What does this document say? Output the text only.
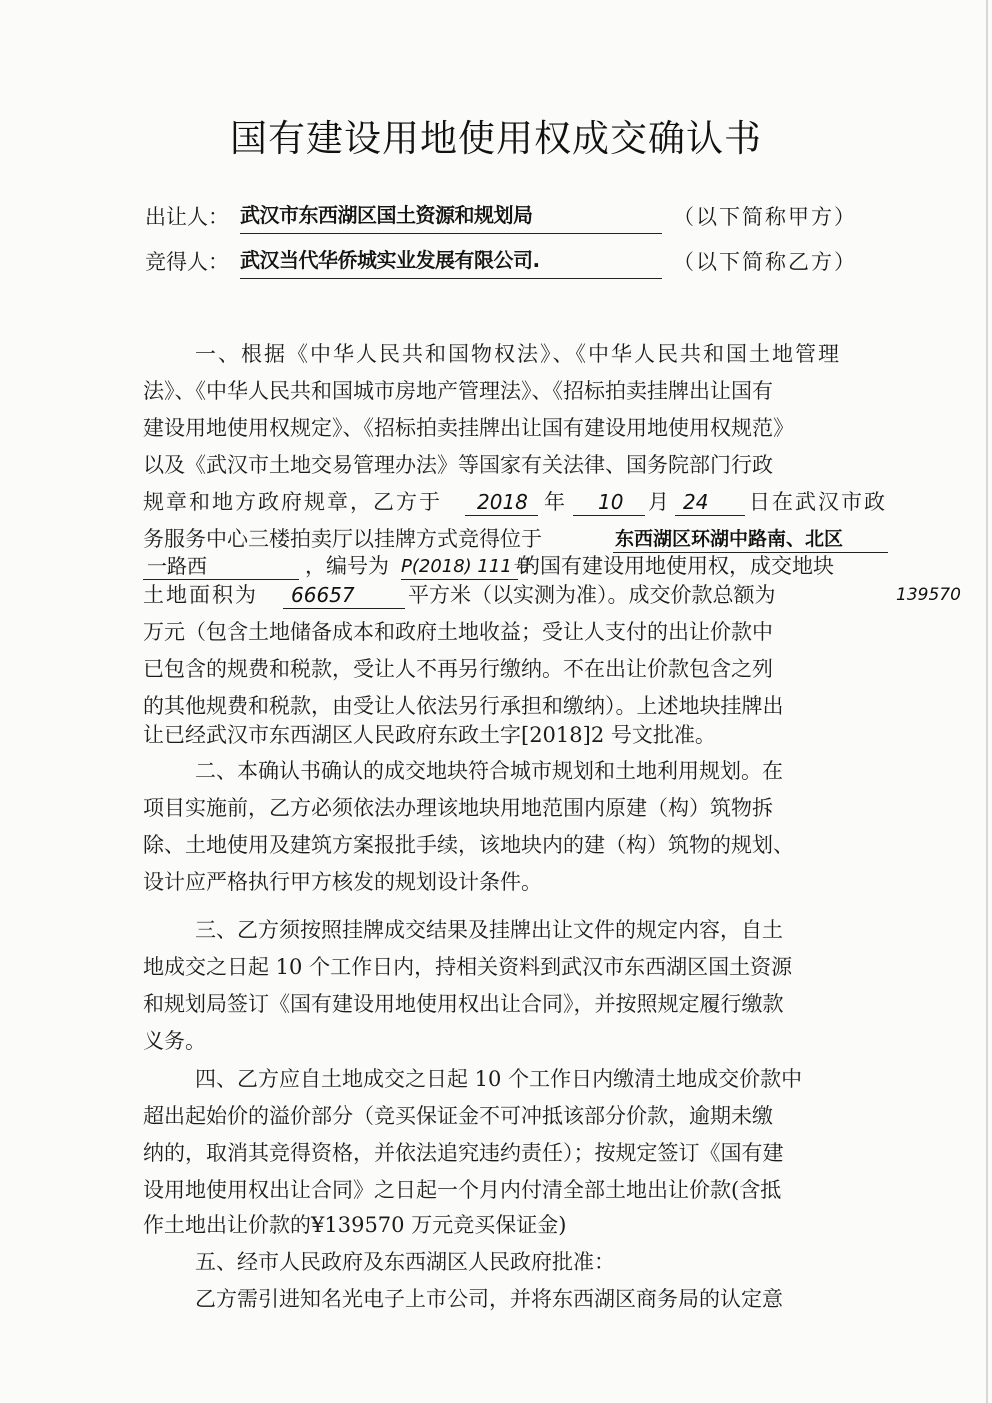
国有建设用地使用权成交确认书
出让人： 武汉市东西湖区国土资源和规划局	（以下简称甲方）
竞得人： 武汉当代华侨城实业发展有限公司.	（以下简称乙方）
一、根据《中华人民共和国物权法》、《中华人民共和国土地管理
法》、《中华人民共和国城市房地产管理法》、《招标拍卖挂牌出让国有
建设用地使用权规定》、《招标拍卖挂牌出让国有建设用地使用权规范》
以及《武汉市土地交易管理办法》等国家有关法律、国务院部门行政
规章和地方政府规章，乙方于 2018 年 10 月 24 日在武汉市政
务服务中心三楼拍卖厅以挂牌方式竞得位于	东西湖区环湖中路南、北区
一路西	，编号为 P(2018) 111号
的国有建设用地使用权，成交地块
土地面积为 66657	平方米（以实测为准）。成交价款总额为	139570
万元（包含土地储备成本和政府土地收益；受让人支付的出让价款中
已包含的规费和税款，受让人不再另行缴纳。不在出让价款包含之列
的其他规费和税款，由受让人依法另行承担和缴纳）。上述地块挂牌出
让已经武汉市东西湖区人民政府东政土字[2018]2 号文批准。
二、本确认书确认的成交地块符合城市规划和土地利用规划。在
项目实施前，乙方必须依法办理该地块用地范围内原建（构）筑物拆
除、土地使用及建筑方案报批手续，该地块内的建（构）筑物的规划、
设计应严格执行甲方核发的规划设计条件。
三、乙方须按照挂牌成交结果及挂牌出让文件的规定内容，自土
地成交之日起 10 个工作日内，持相关资料到武汉市东西湖区国土资源
和规划局签订《国有建设用地使用权出让合同》，并按照规定履行缴款
义务。
四、乙方应自土地成交之日起 10 个工作日内缴清土地成交价款中
超出起始价的溢价部分（竞买保证金不可冲抵该部分价款，逾期未缴
纳的，取消其竞得资格，并依法追究违约责任）；按规定签订《国有建
设用地使用权出让合同》之日起一个月内付清全部土地出让价款(含抵
作土地出让价款的¥139570 万元竞买保证金)
五、经市人民政府及东西湖区人民政府批准：
乙方需引进知名光电子上市公司，并将东西湖区商务局的认定意
